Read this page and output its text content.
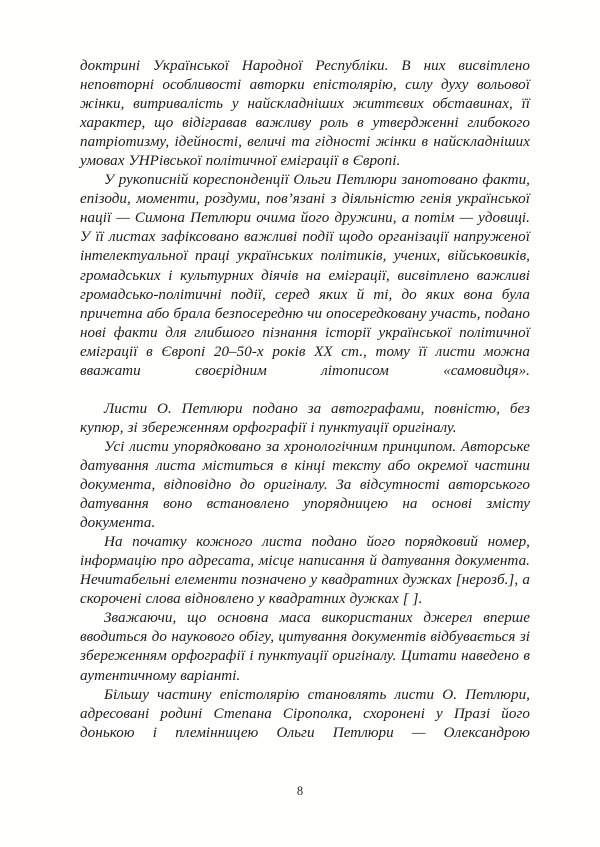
доктрині Української Народної Республіки. В них висвітлено неповторні особливості авторки епістолярію, силу духу вольової жінки, витривалість у найскладніших життєвих обставинах, її характер, що відігравав важливу роль в утвердженні глибокого патріотизму, ідейності, величі та гідності жінки в найскладніших умовах УНРівської політичної еміграції в Європі.

У рукописній кореспонденції Ольги Петлюри занотовано факти, епізоди, моменти, роздуми, пов’язані з діяльністю генія української нації — Симона Петлюри очима його дружини, а потім — удовиці. У її листах зафіксовано важливі події щодо організації напруженої інтелектуальної праці українських політиків, учених, військовиків, громадських і культурних діячів на еміграції, висвітлено важливі громадсько-політичні події, серед яких й ті, до яких вона була причетна або брала безпосередню чи опосередковану участь, подано нові факти для глибшого пізнання історії української політичної еміграції в Європі 20–50-х років XX ст., тому її листи можна вважати своєрідним літописом «самовидця».

Листи О. Петлюри подано за автографами, повністю, без купюр, зі збереженням орфографії і пунктуації оригіналу.

Усі листи упорядковано за хронологічним принципом. Авторське датування листа міститься в кінці тексту або окремої частини документа, відповідно до оригіналу. За відсутності авторського датування воно встановлено упорядницею на основі змісту документа.

На початку кожного листа подано його порядковий номер, інформацію про адресата, місце написання й датування документа. Нечитабельні елементи позначено у квадратних дужках [нерозб.], а скорочені слова відновлено у квадратних дужках [ ].

Зважаючи, що основна маса використаних джерел вперше вводиться до наукового обігу, цитування документів відбувається зі збереженням орфографії і пунктуації оригіналу. Цитати наведено в аутентичному варіанті.

Більшу частину епістолярію становлять листи О. Петлюри, адресовані родині Степана Сірополка, схоронені у Празі його донькою і племінницею Ольги Петлюри — Олександрою

8
